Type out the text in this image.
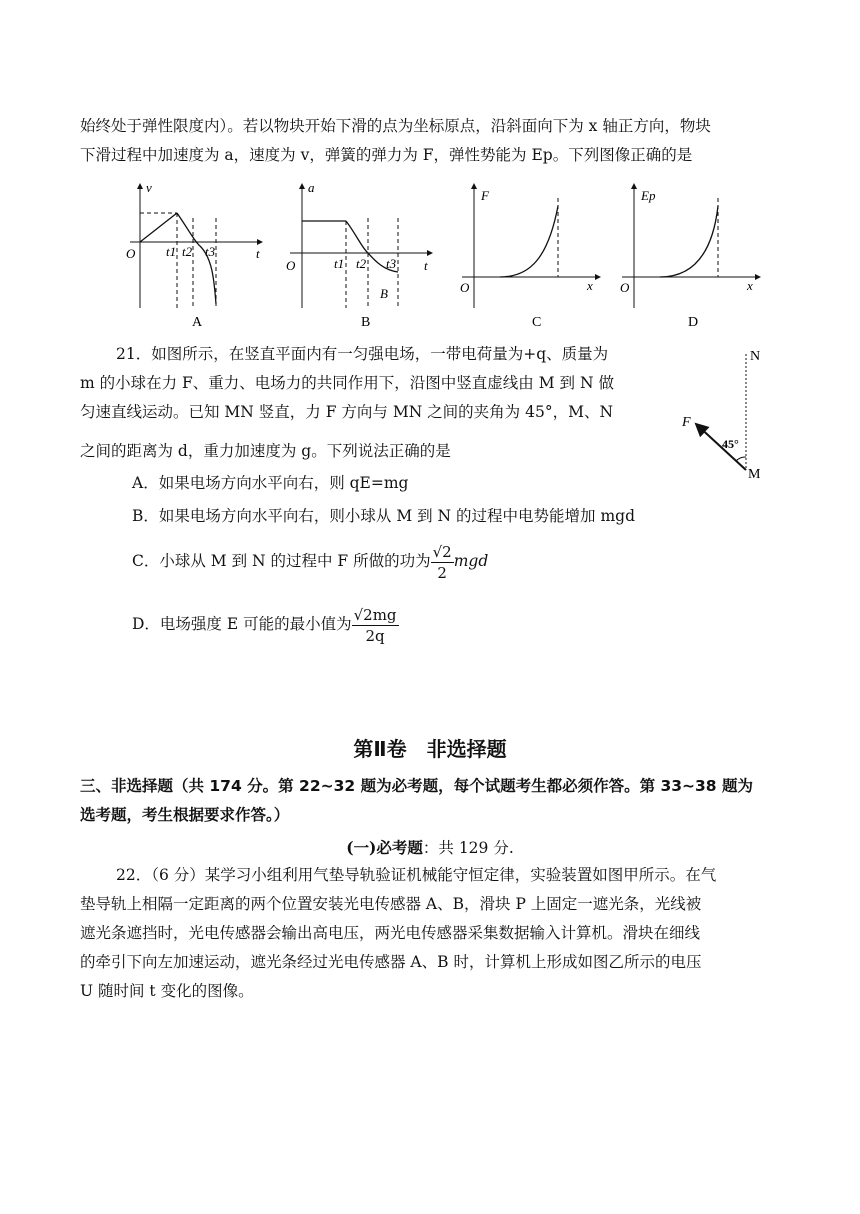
始终处于弹性限度内）。若以物块开始下滑的点为坐标原点，沿斜面向下为 x 轴正方向，物块
下滑过程中加速度为 a，速度为 v，弹簧的弹力为 F，弹性势能为 Ep。下列图像正确的是
v
t
O t1 t2 t3
A
a
t
O	t1 t2 t3
B
B
F
x
O
C
Ep
x
O
D
21．如图所示，在竖直平面内有一匀强电场，一带电荷量为+q、质量为
m 的小球在力 F、重力、电场力的共同作用下，沿图中竖直虚线由 M 到 N 做
匀速直线运动。已知 MN 竖直，力 F 方向与 MN 之间的夹角为 45°，M、N
之间的距离为 d，重力加速度为 g。下列说法正确的是
A．如果电场方向水平向右，则 qE=mg
B．如果电场方向水平向右，则小球从 M 到 N 的过程中电势能增加 mgd
C．小球从 M 到 N 的过程中 F 所做的功为 $\frac{√2}{2}$ mgd
D．电场强度 E 可能的最小值为 $\frac{√2mg}{2q}$
N
M
F
45°
第Ⅱ卷　非选择题
三、非选择题（共 174 分。第 22~32 题为必考题，每个试题考生都必须作答。第 33~38 题为
选考题，考生根据要求作答。）
(一)必考题：共 129 分.
22．（6 分）某学习小组利用气垫导轨验证机械能守恒定律，实验装置如图甲所示。在气
垫导轨上相隔一定距离的两个位置安装光电传感器 A、B，滑块 P 上固定一遮光条，光线被
遮光条遮挡时，光电传感器会输出高电压，两光电传感器采集数据输入计算机。滑块在细线
的牵引下向左加速运动，遮光条经过光电传感器 A、B 时，计算机上形成如图乙所示的电压
U 随时间 t 变化的图像。
